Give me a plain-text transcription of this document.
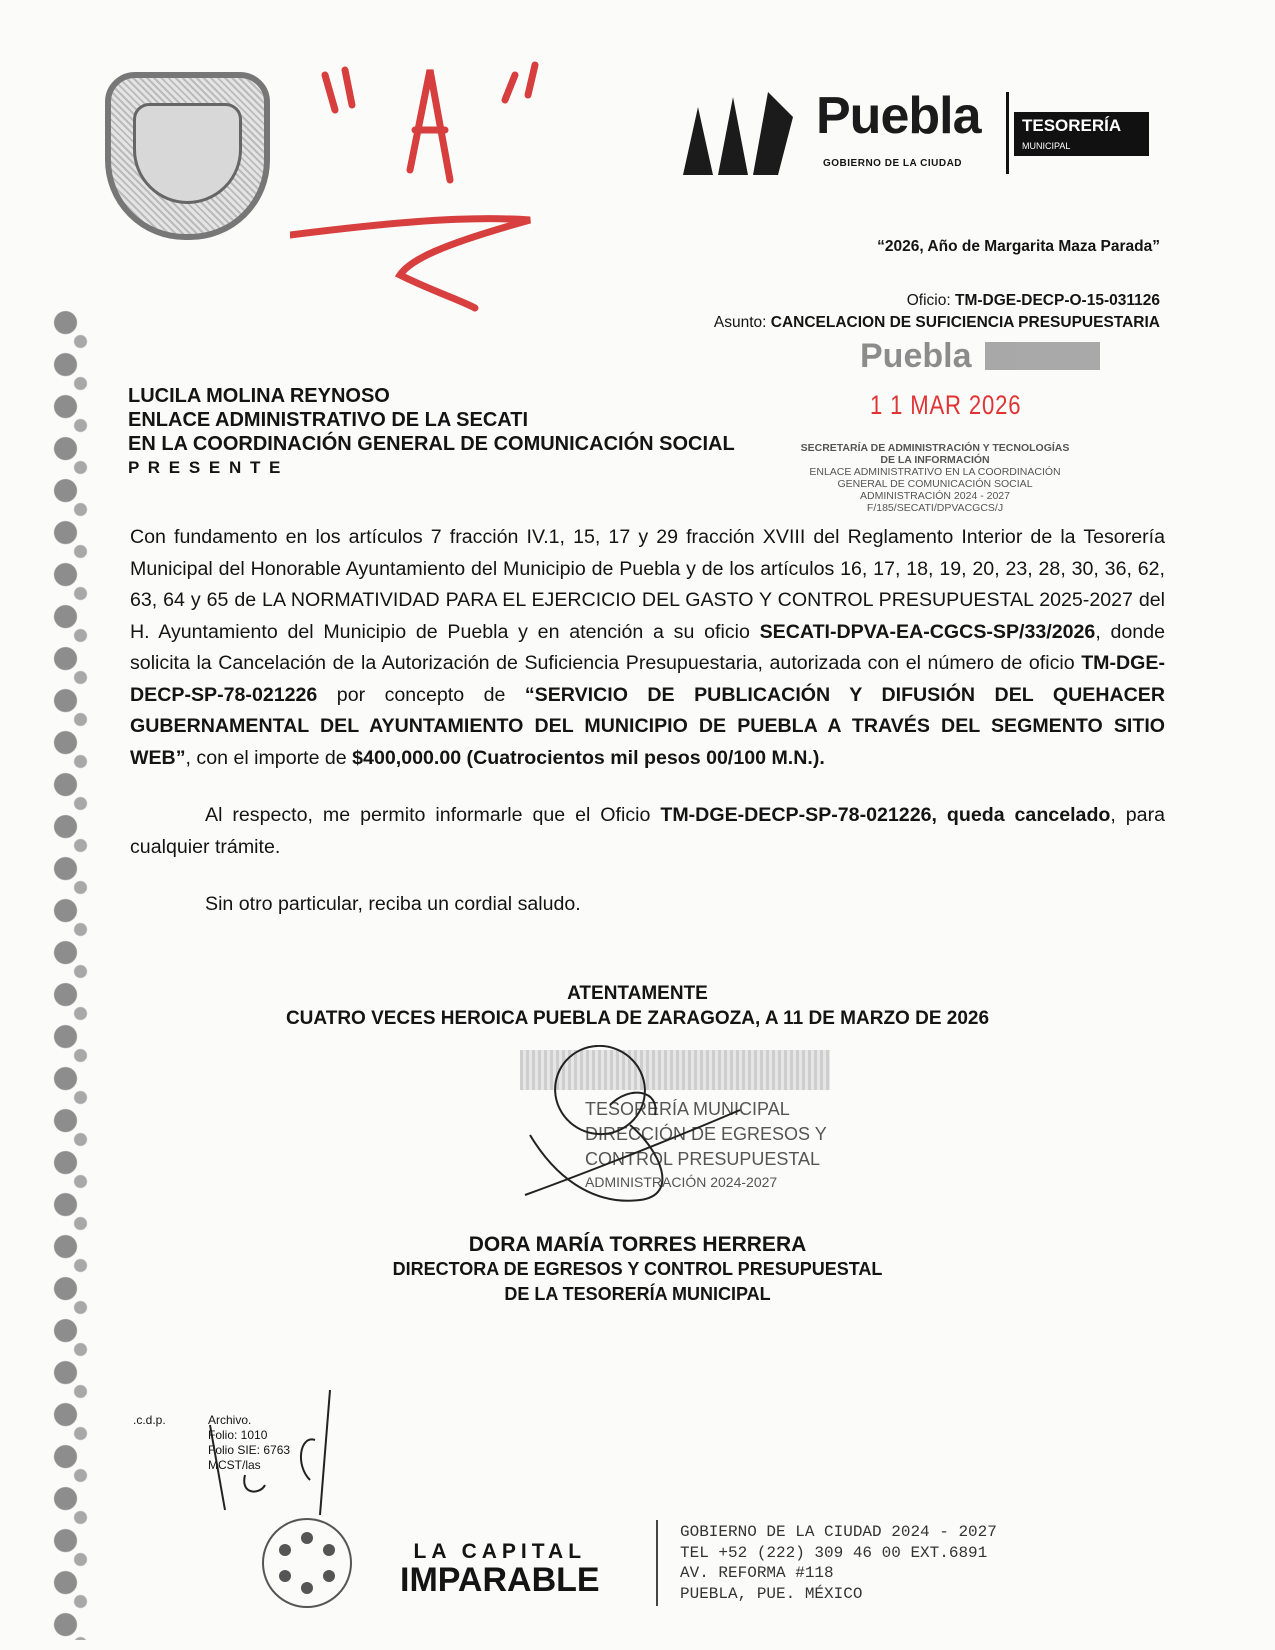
Puebla
GOBIERNO DE LA CIUDAD
TESORERÍA
MUNICIPAL
“2026, Año de Margarita Maza Parada”
Oficio: TM-DGE-DECP-O-15-031126
Asunto: CANCELACION DE SUFICIENCIA PRESUPUESTARIA
Puebla
1 1 MAR 2026
LUCILA MOLINA REYNOSO
ENLACE ADMINISTRATIVO DE LA SECATI
EN LA COORDINACIÓN GENERAL DE COMUNICACIÓN SOCIAL
P R E S E N T E
SECRETARÍA DE ADMINISTRACIÓN Y TECNOLOGÍAS
DE LA INFORMACIÓN
ENLACE ADMINISTRATIVO EN LA COORDINACIÓN
GENERAL DE COMUNICACIÓN SOCIAL
ADMINISTRACIÓN 2024 - 2027
F/185/SECATI/DPVACGCS/J
Con fundamento en los artículos 7 fracción IV.1, 15, 17 y 29 fracción XVIII del Reglamento Interior de la Tesorería Municipal del Honorable Ayuntamiento del Municipio de Puebla y de los artículos 16, 17, 18, 19, 20, 23, 28, 30, 36, 62, 63, 64 y 65 de LA NORMATIVIDAD PARA EL EJERCICIO DEL GASTO Y CONTROL PRESUPUESTAL 2025-2027 del H. Ayuntamiento del Municipio de Puebla y en atención a su oficio SECATI-DPVA-EA-CGCS-SP/33/2026, donde solicita la Cancelación de la Autorización de Suficiencia Presupuestaria, autorizada con el número de oficio TM-DGE-DECP-SP-78-021226 por concepto de “SERVICIO DE PUBLICACIÓN Y DIFUSIÓN DEL QUEHACER GUBERNAMENTAL DEL AYUNTAMIENTO DEL MUNICIPIO DE PUEBLA A TRAVÉS DEL SEGMENTO SITIO WEB”, con el importe de $400,000.00 (Cuatrocientos mil pesos 00/100 M.N.).
Al respecto, me permito informarle que el Oficio TM-DGE-DECP-SP-78-021226, queda cancelado, para cualquier trámite.
Sin otro particular, reciba un cordial saludo.
ATENTAMENTE
CUATRO VECES HEROICA PUEBLA DE ZARAGOZA, A 11 DE MARZO DE 2026
TESORERÍA MUNICIPAL
DIRECCIÓN DE EGRESOS Y
CONTROL PRESUPUESTAL
ADMINISTRACIÓN 2024-2027
DORA MARÍA TORRES HERRERA
DIRECTORA DE EGRESOS Y CONTROL PRESUPUESTAL
DE LA TESORERÍA MUNICIPAL
.c.d.p.	Archivo.
Folio: 1010
Folio SIE: 6763
MCST/las
LA CAPITAL
IMPARABLE
GOBIERNO DE LA CIUDAD 2024 - 2027
TEL +52 (222) 309 46 00 EXT.6891
AV. REFORMA #118
PUEBLA, PUE. MÉXICO
